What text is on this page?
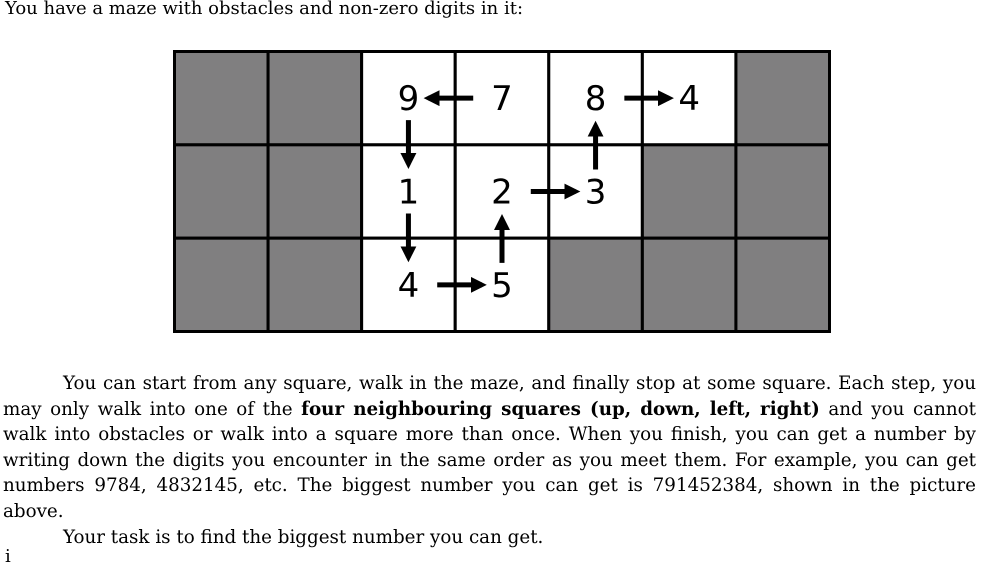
You have a maze with obstacles and non-zero digits in it:
9 7 8 4
1 2 3
4 5

You can start from any square, walk in the maze, and finally stop at some square. Each step, you may only walk into one of the four neighbouring squares (up, down, left, right) and you cannot walk into obstacles or walk into a square more than once. When you finish, you can get a number by writing down the digits you encounter in the same order as you meet them. For example, you can get numbers 9784, 4832145, etc. The biggest number you can get is 791452384, shown in the picture above.

Your task is to find the biggest number you can get.

i
